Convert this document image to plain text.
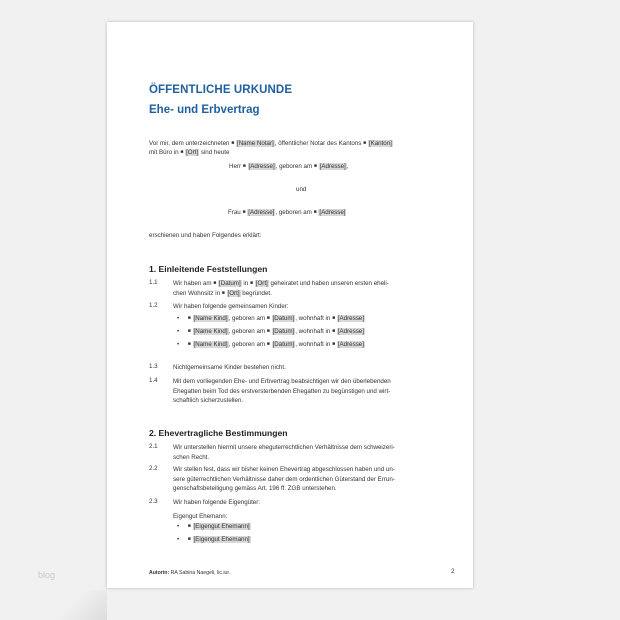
ÖFFENTLICHE URKUNDE
Ehe- und Erbvertrag
Vor mir, dem unterzeichneten ■ [Name Notar], öffentlicher Notar des Kantons ■ [Kanton]
mit Büro in ■ [Ort] sind heute
Herr ■ [Adresse], geboren am ■ [Adresse],
und
Frau ■ [Adresse], geboren am ■ [Adresse]
erschienen und haben Folgendes erklärt:
1. Einleitende Feststellungen
1.1 Wir haben am ■ [Datum] in ■ [Ort] geheiratet und haben unseren ersten eheli-
chen Wohnsitz in ■ [Ort] begründet.
1.2 Wir haben folgende gemeinsamen Kinder:
• ■ [Name Kind], geboren am ■ [Datum], wohnhaft in ■ [Adresse]
• ■ [Name Kind], geboren am ■ [Datum], wohnhaft in ■ [Adresse]
• ■ [Name Kind], geboren am ■ [Datum], wohnhaft in ■ [Adresse]
1.3 Nichtgemeinsame Kinder bestehen nicht.
1.4 Mit dem vorliegenden Ehe- und Erbvertrag beabsichtigen wir den überlebenden
Ehegatten beim Tod des erstversterbenden Ehegatten zu begünstigen und wirt-
schaftlich sicherzustellen.
2. Ehevertragliche Bestimmungen
2.1 Wir unterstellen hiermit unsere eheguterrechtlichen Verhältnisse dem schweizeri-
schen Recht.
2.2 Wir stellen fest, dass wir bisher keinen Ehevertrag abgeschlossen haben und un-
sere güterrechtlichen Verhältnisse daher dem ordentlichen Güterstand der Errun-
genschaftsbeteiligung gemäss Art. 196 ff. ZGB unterstehen.
2.3 Wir haben folgende Eigengüter:
Eigengut Ehemann:
• ■ [Eigengut Ehemann]
• ■ [Eigengut Ehemann]
Autorin: RA Sabina Naegeli, lic.iur.	2
blog
